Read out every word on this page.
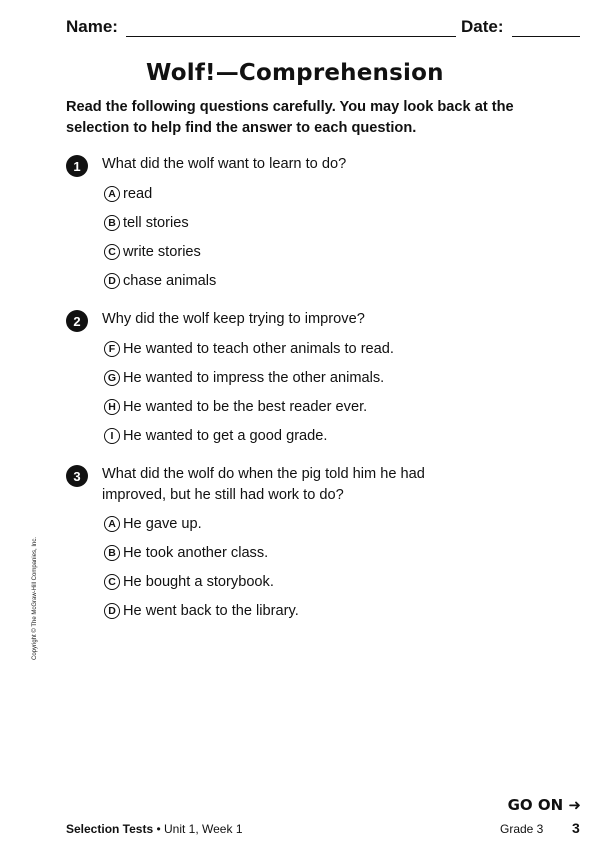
Name:	Date:
Wolf!—Comprehension
Read the following questions carefully. You may look back at the selection to help find the answer to each question.
1	What did the wolf want to learn to do?
A read
B tell stories
C write stories
D chase animals
2	Why did the wolf keep trying to improve?
F He wanted to teach other animals to read.
G He wanted to impress the other animals.
H He wanted to be the best reader ever.
I He wanted to get a good grade.
3	What did the wolf do when the pig told him he had improved, but he still had work to do?
A He gave up.
B He took another class.
C He bought a storybook.
D He went back to the library.
Copyright © The McGraw-Hill Companies, Inc.
GO ON ➜
Selection Tests • Unit 1, Week 1	Grade 3 3
